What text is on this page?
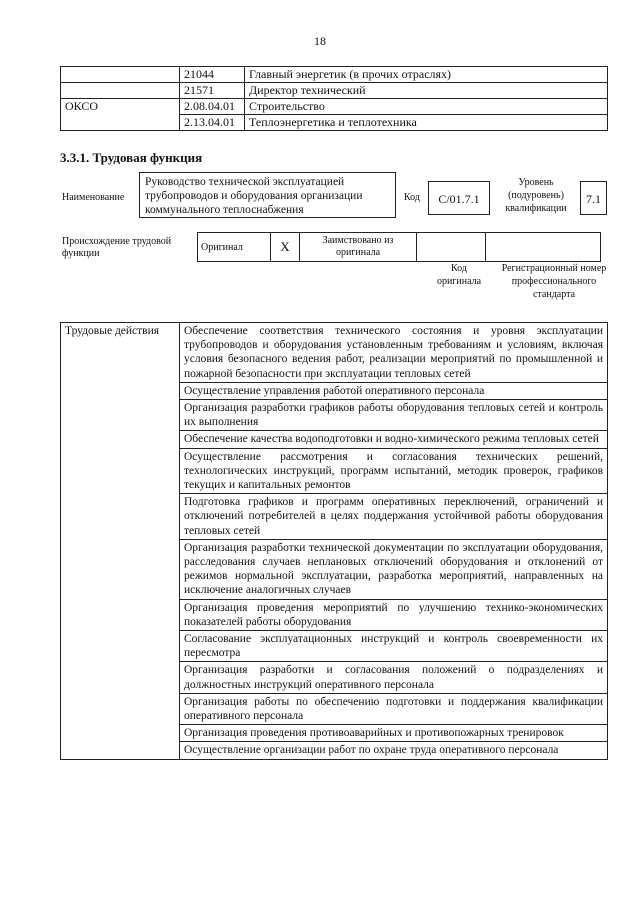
18
	21044	Главный энергетик (в прочих отраслях)
	21571	Директор технический
ОКСО	2.08.04.01	Строительство
	2.13.04.01	Теплоэнергетика и теплотехника
3.3.1. Трудовая функция
Наименование
Руководство технической эксплуатацией трубопроводов и оборудования организации коммунального теплоснабжения
Код	С/01.7.1
Уровень (подуровень) квалификации
7.1
Происхождение трудовой функции
Оригинал	Х	Заимствовано из оригинала		
Код оригинала
Регистрационный номер профессионального стандарта
Трудовые действия	Обеспечение соответствия технического состояния и уровня эксплуатации трубопроводов и оборудования установленным требованиям и условиям, включая условия безопасного ведения работ, реализации мероприятий по промышленной и пожарной безопасности при эксплуатации тепловых сетей
Осуществление управления работой оперативного персонала
Организация разработки графиков работы оборудования тепловых сетей и контроль их выполнения
Обеспечение качества водоподготовки и водно-химического режима тепловых сетей
Осуществление рассмотрения и согласования технических решений, технологических инструкций, программ испытаний, методик проверок, графиков текущих и капитальных ремонтов
Подготовка графиков и программ оперативных переключений, ограничений и отключений потребителей в целях поддержания устойчивой работы оборудования тепловых сетей
Организация разработки технической документации по эксплуатации оборудования, расследования случаев неплановых отключений оборудования и отклонений от режимов нормальной эксплуатации, разработка мероприятий, направленных на исключение аналогичных случаев
Организация проведения мероприятий по улучшению технико-экономических показателей работы оборудования
Согласование эксплуатационных инструкций и контроль своевременности их пересмотра
Организация разработки и согласования положений о подразделениях и должностных инструкций оперативного персонала
Организация работы по обеспечению подготовки и поддержания квалификации оперативного персонала
Организация проведения противоаварийных и противопожарных тренировок
Осуществление организации работ по охране труда оперативного персонала
